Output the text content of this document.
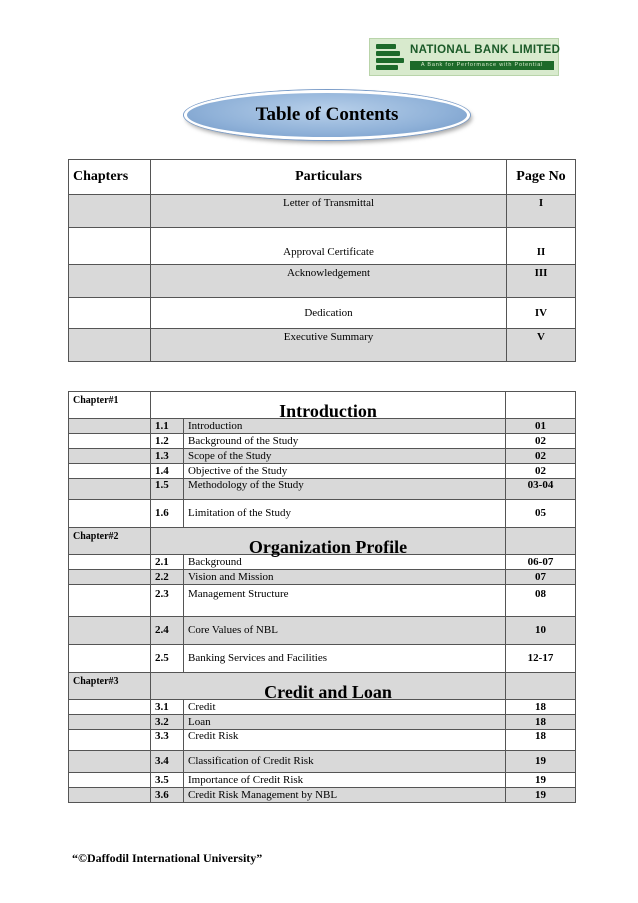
NATIONAL BANK LIMITED
A Bank for Performance with Potential
Table of Contents
Chapters	Particulars	Page No
	Letter of Transmittal	I
	Approval Certificate	II
	Acknowledgement	III
	Dedication	IV
	Executive Summary	V
Chapter#1	Introduction		
	1.1	Introduction	01
	1.2	Background of the Study	02
	1.3	Scope of the Study	02
	1.4	Objective of the Study	02
	1.5	Methodology of the Study	03-04
	1.6	Limitation of the Study	05
Chapter#2	Organization Profile		
	2.1	Background	06-07
	2.2	Vision and Mission	07
	2.3	Management Structure	08
	2.4	Core Values of NBL	10
	2.5	Banking Services and Facilities	12-17
Chapter#3	Credit and Loan		
	3.1	Credit	18
	3.2	Loan	18
	3.3	Credit Risk	18
	3.4	Classification of Credit Risk	19
	3.5	Importance of Credit Risk	19
	3.6	Credit Risk Management by NBL	19
“©Daffodil International University”
